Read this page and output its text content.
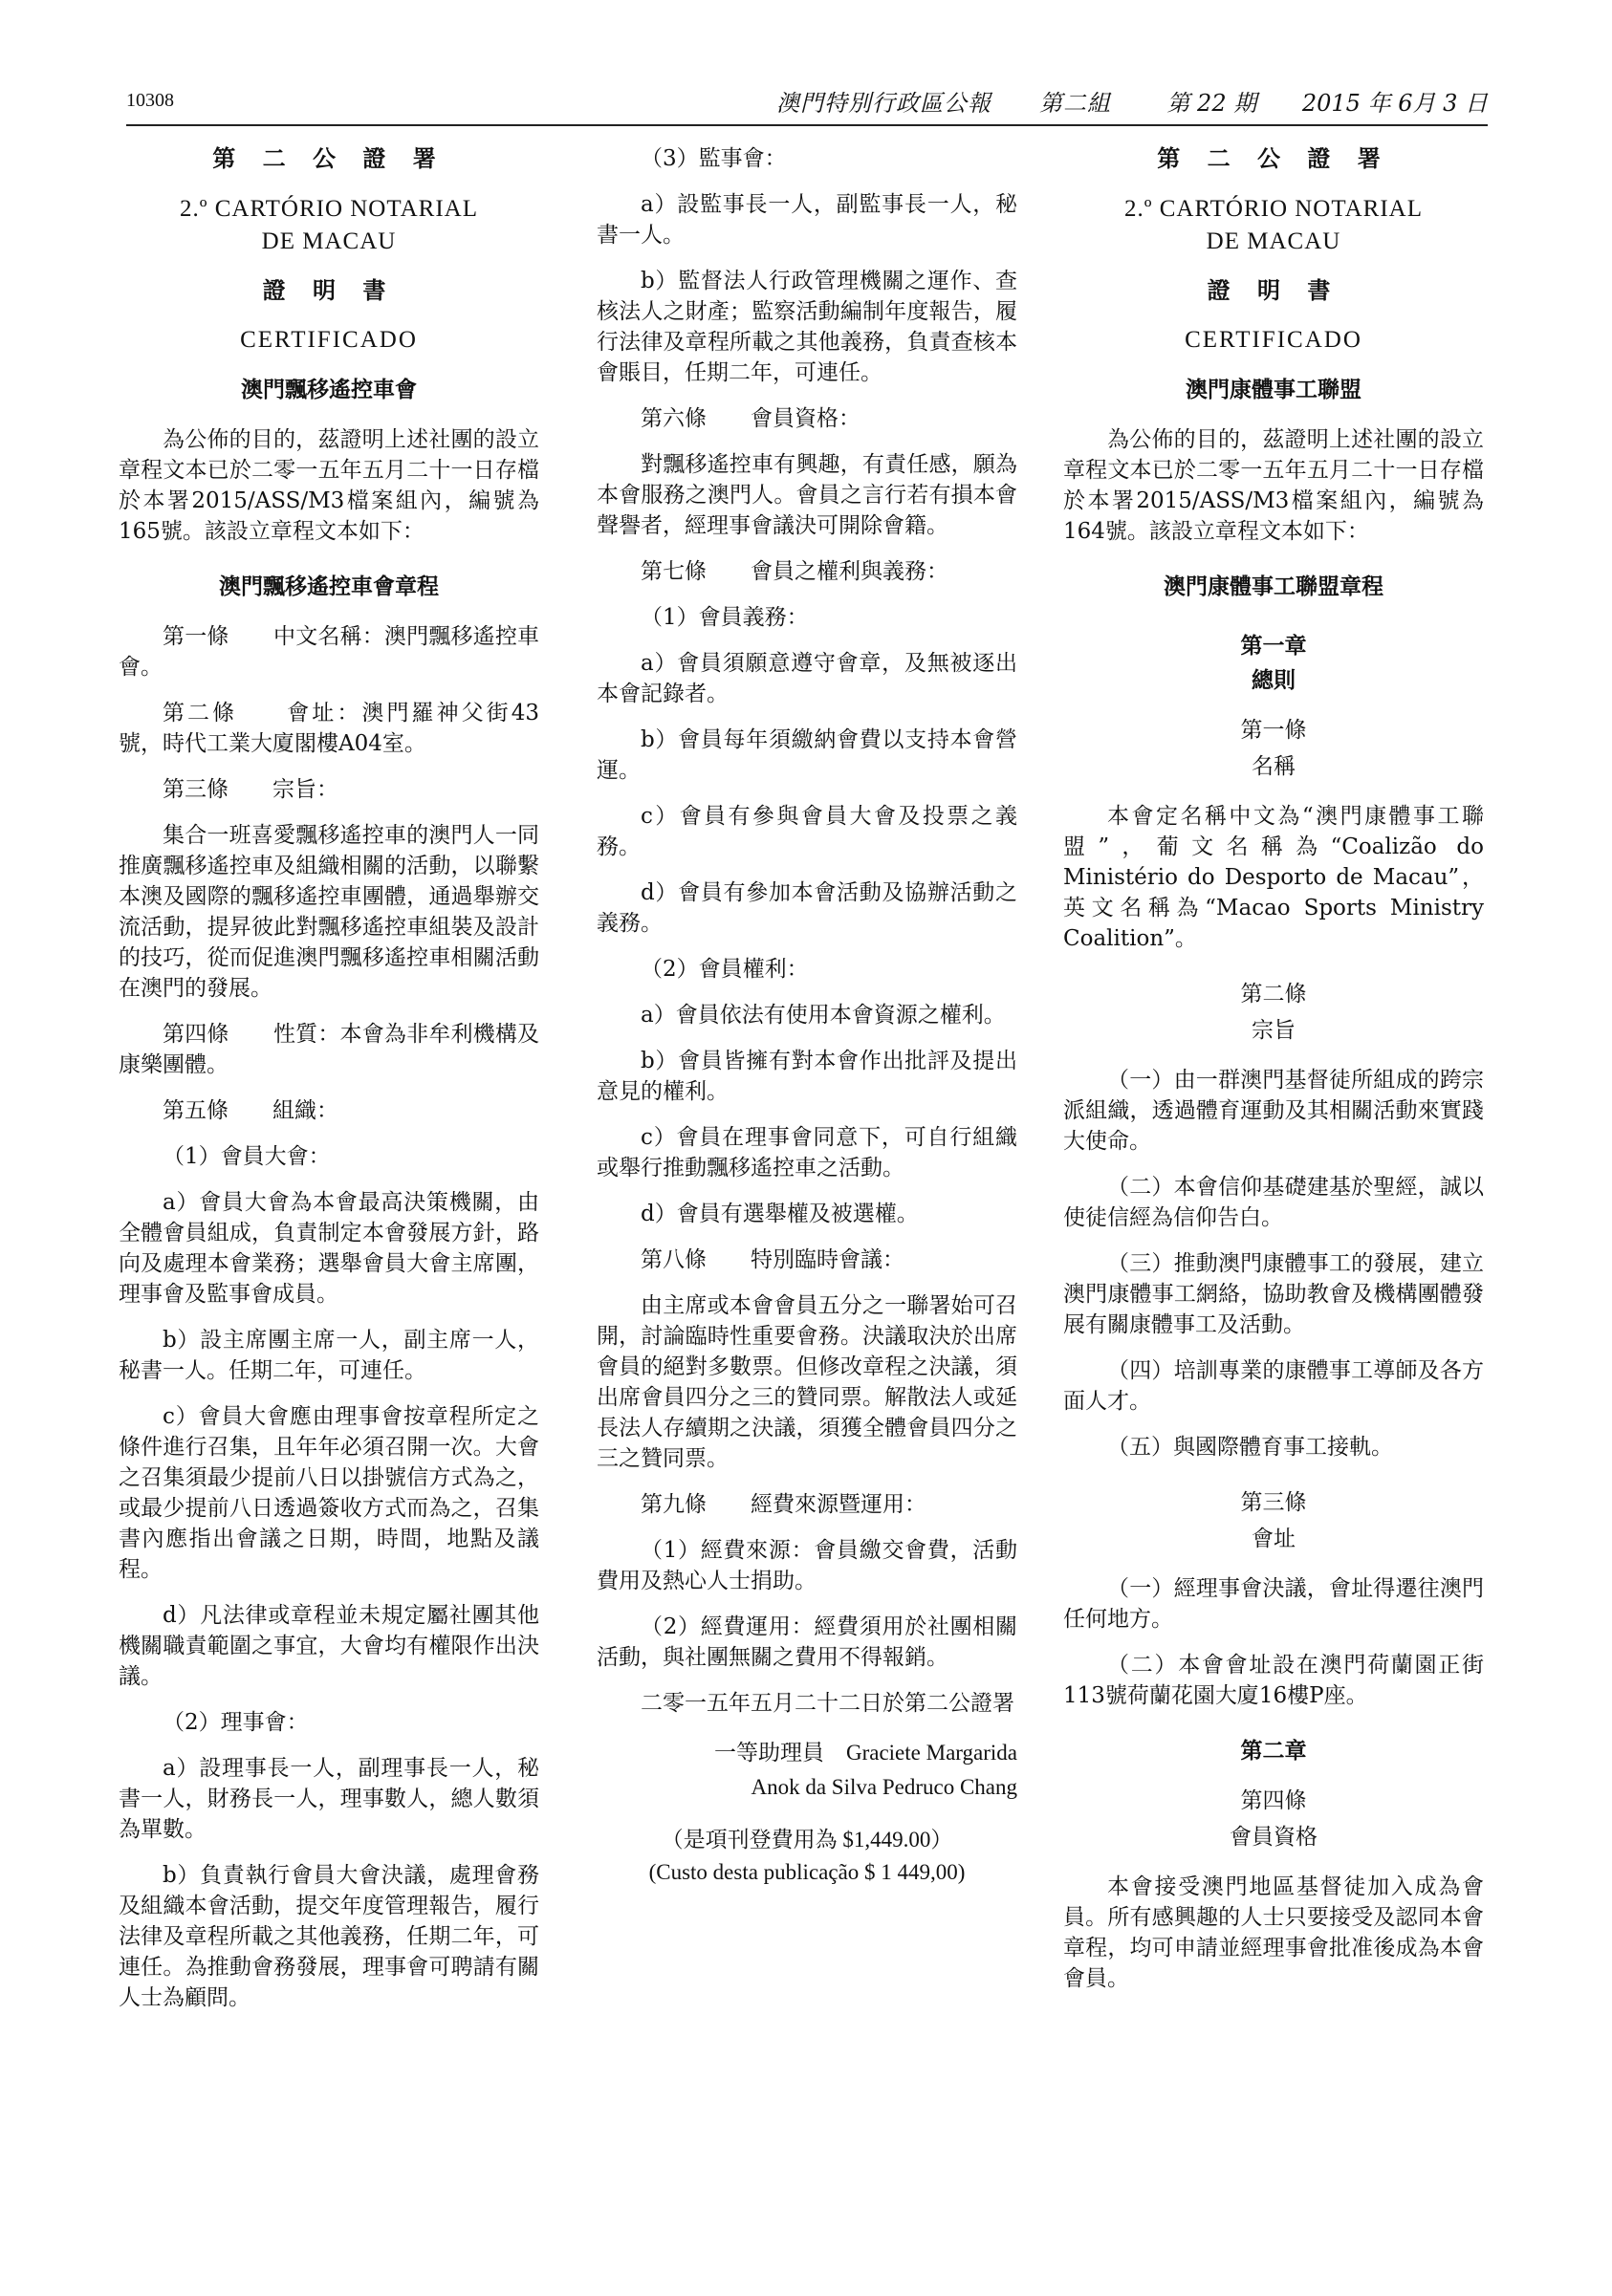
10308	澳門特別行政區公報　　第二組	第 22 期 2015 年 6月 3 日
第 二 公 證 署
2.º CARTÓRIO NOTARIAL
DE MACAU
證 明 書
CERTIFICADO
澳門飄移遙控車會

為公佈的目的，茲證明上述社團的設立章程文本已於二零一五年五月二十一日存檔於本署2015/ASS/M3檔案組內，編號為165號。該設立章程文本如下：

澳門飄移遙控車會章程

第一條　　中文名稱：澳門飄移遙控車會。

第二條　　會址：澳門羅神父街43號，時代工業大廈閣樓A04室。

第三條　　宗旨：

集合一班喜愛飄移遙控車的澳門人一同推廣飄移遙控車及組織相關的活動，以聯繫本澳及國際的飄移遙控車團體，通過舉辦交流活動，提昇彼此對飄移遙控車組裝及設計的技巧，從而促進澳門飄移遙控車相關活動在澳門的發展。

第四條　　性質：本會為非牟利機構及康樂團體。

第五條　　組織：

（1）會員大會：

a）會員大會為本會最高決策機關，由全體會員組成，負責制定本會發展方針，路向及處理本會業務；選舉會員大會主席團，理事會及監事會成員。

b）設主席團主席一人，副主席一人，秘書一人。任期二年，可連任。

c）會員大會應由理事會按章程所定之條件進行召集，且年年必須召開一次。大會之召集須最少提前八日以掛號信方式為之，或最少提前八日透過簽收方式而為之，召集書內應指出會議之日期，時間，地點及議程。

d）凡法律或章程並未規定屬社團其他機關職責範圍之事宜，大會均有權限作出決議。

（2）理事會：

a）設理事長一人，副理事長一人，秘書一人，財務長一人，理事數人，總人數須為單數。

b）負責執行會員大會決議，處理會務及組織本會活動，提交年度管理報告，履行法律及章程所載之其他義務，任期二年，可連任。為推動會務發展，理事會可聘請有關人士為顧問。

（3）監事會：

a）設監事長一人，副監事長一人，秘書一人。

b）監督法人行政管理機關之運作、查核法人之財產；監察活動編制年度報告，履行法律及章程所載之其他義務，負責查核本會賬目，任期二年，可連任。

第六條　　會員資格：

對飄移遙控車有興趣，有責任感，願為本會服務之澳門人。會員之言行若有損本會聲譽者，經理事會議決可開除會籍。

第七條　　會員之權利與義務：

（1）會員義務：

a）會員須願意遵守會章，及無被逐出本會記錄者。

b）會員每年須繳納會費以支持本會營運。

c）會員有參與會員大會及投票之義務。

d）會員有參加本會活動及協辦活動之義務。

（2）會員權利：

a）會員依法有使用本會資源之權利。

b）會員皆擁有對本會作出批評及提出意見的權利。

c）會員在理事會同意下，可自行組織或舉行推動飄移遙控車之活動。

d）會員有選舉權及被選權。

第八條　　特別臨時會議：

由主席或本會會員五分之一聯署始可召開，討論臨時性重要會務。決議取決於出席會員的絕對多數票。但修改章程之決議，須出席會員四分之三的贊同票。解散法人或延長法人存續期之決議，須獲全體會員四分之三之贊同票。

第九條　　經費來源暨運用：

（1）經費來源：會員繳交會費，活動費用及熱心人士捐助。

（2）經費運用：經費須用於社團相關活動，與社團無關之費用不得報銷。

二零一五年五月二十二日於第二公證署

一等助理員　Graciete Margarida
Anok da Silva Pedruco Chang
（是項刊登費用為 $1,449.00）
(Custo desta publicação $ 1 449,00)
第 二 公 證 署
2.º CARTÓRIO NOTARIAL
DE MACAU
證 明 書
CERTIFICADO
澳門康體事工聯盟

為公佈的目的，茲證明上述社團的設立章程文本已於二零一五年五月二十一日存檔於本署2015/ASS/M3檔案組內，編號為164號。該設立章程文本如下：

澳門康體事工聯盟章程
第一章
總則
第一條
名稱

本會定名稱中文為“澳門康體事工聯盟”，葡文名稱為“Coalizão do Ministério do Desporto de Macau”，英文名稱為“Macao Sports Ministry Coalition”。

第二條
宗旨

（一）由一群澳門基督徒所組成的跨宗派組織，透過體育運動及其相關活動來實踐大使命。

（二）本會信仰基礎建基於聖經，誠以使徒信經為信仰告白。

（三）推動澳門康體事工的發展，建立澳門康體事工網絡，協助教會及機構團體發展有關康體事工及活動。

（四）培訓專業的康體事工導師及各方面人才。

（五）與國際體育事工接軌。

第三條
會址

（一）經理事會決議，會址得遷往澳門任何地方。

（二）本會會址設在澳門荷蘭園正街113號荷蘭花園大廈16樓P座。

第二章
第四條
會員資格

本會接受澳門地區基督徒加入成為會員。所有感興趣的人士只要接受及認同本會章程，均可申請並經理事會批准後成為本會會員。
